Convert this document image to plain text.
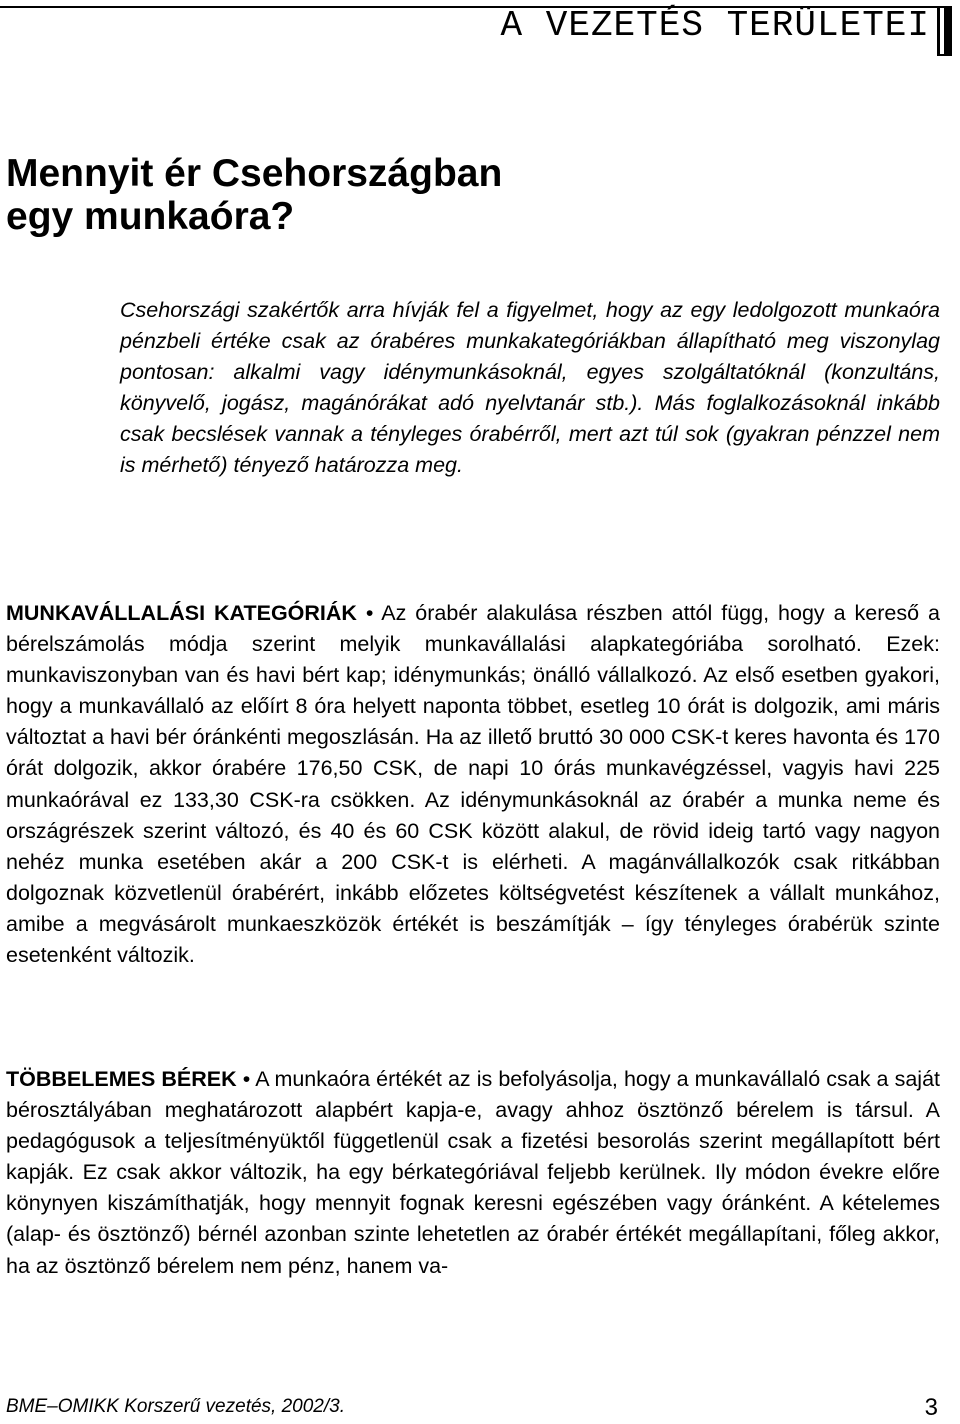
A VEZETÉS TERÜLETEI
Mennyit ér Csehországban egy munkaóra?

Csehországi szakértők arra hívják fel a figyelmet, hogy az egy ledolgozott munkaóra pénzbeli értéke csak az órabéres munkakategóriákban állapítható meg viszonylag pontosan: alkalmi vagy idénymunkásoknál, egyes szolgáltatóknál (konzultáns, könyvelő, jogász, magánórákat adó nyelvtanár stb.). Más foglalkozásoknál inkább csak becslések vannak a tényleges órabérről, mert azt túl sok (gyakran pénzzel nem is mérhető) tényező határozza meg.

MUNKAVÁLLALÁSI KATEGÓRIÁK • Az órabér alakulása részben attól függ, hogy a kereső a bérelszámolás módja szerint melyik munkavállalási alapkategóriába sorolható. Ezek: munkaviszonyban van és havi bért kap; idénymunkás; önálló vállalkozó. Az első esetben gyakori, hogy a munkavállaló az előírt 8 óra helyett naponta többet, esetleg 10 órát is dolgozik, ami máris változtat a havi bér óránkénti megoszlásán. Ha az illető bruttó 30 000 CSK-t keres havonta és 170 órát dolgozik, akkor órabére 176,50 CSK, de napi 10 órás munkavégzéssel, vagyis havi 225 munkaórával ez 133,30 CSK-ra csökken. Az idénymunkásoknál az órabér a munka neme és országrészek szerint változó, és 40 és 60 CSK között alakul, de rövid ideig tartó vagy nagyon nehéz munka esetében akár a 200 CSK-t is elérheti. A magánvállalkozók csak ritkábban dolgoznak közvetlenül órabérért, inkább előzetes költségvetést készítenek a vállalt munkához, amibe a megvásárolt munkaeszközök értékét is beszámítják – így tényleges órabérük szinte esetenként változik.

TÖBBELEMES BÉREK • A munkaóra értékét az is befolyásolja, hogy a munkavállaló csak a saját bérosztályában meghatározott alapbért kapja-e, avagy ahhoz ösztönző bérelem is társul. A pedagógusok a teljesítményüktől függetlenül csak a fizetési besorolás szerint megállapított bért kapják. Ez csak akkor változik, ha egy bérkategóriával feljebb kerülnek. Ily módon évekre előre könynyen kiszámíthatják, hogy mennyit fognak keresni egészében vagy óránként. A kételemes (alap- és ösztönző) bérnél azonban szinte lehetetlen az órabér értékét megállapítani, főleg akkor, ha az ösztönző bérelem nem pénz, hanem va-

BME–OMIKK Korszerű vezetés, 2002/3.	3
